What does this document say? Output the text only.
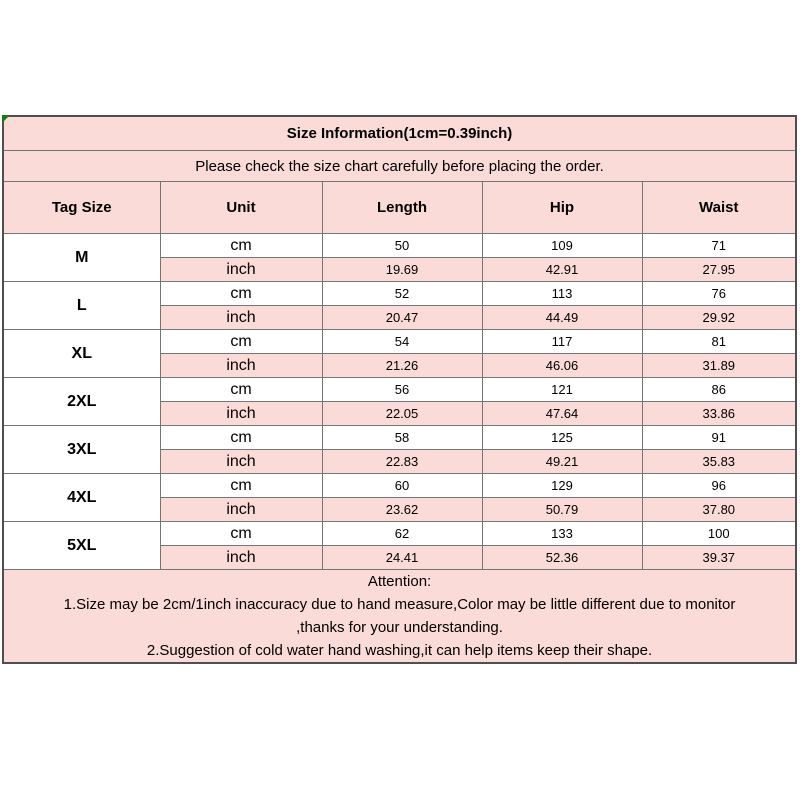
Size Information(1cm=0.39inch)				
Please check the size chart carefully before placing the order.				
Tag Size	Unit	Length	Hip	Waist
M	cm	50	109	71
	inch	19.69	42.91	27.95
L	cm	52	113	76
	inch	20.47	44.49	29.92
XL	cm	54	117	81
	inch	21.26	46.06	31.89
2XL	cm	56	121	86
	inch	22.05	47.64	33.86
3XL	cm	58	125	91
	inch	22.83	49.21	35.83
4XL	cm	60	129	96
	inch	23.62	50.79	37.80
5XL	cm	62	133	100
	inch	24.41	52.36	39.37

Attention:
1.Size may be 2cm/1inch inaccuracy due to hand measure,Color may be little different due to monitor
,thanks for your understanding.
2.Suggestion of cold water hand washing,it can help items keep their shape.				
